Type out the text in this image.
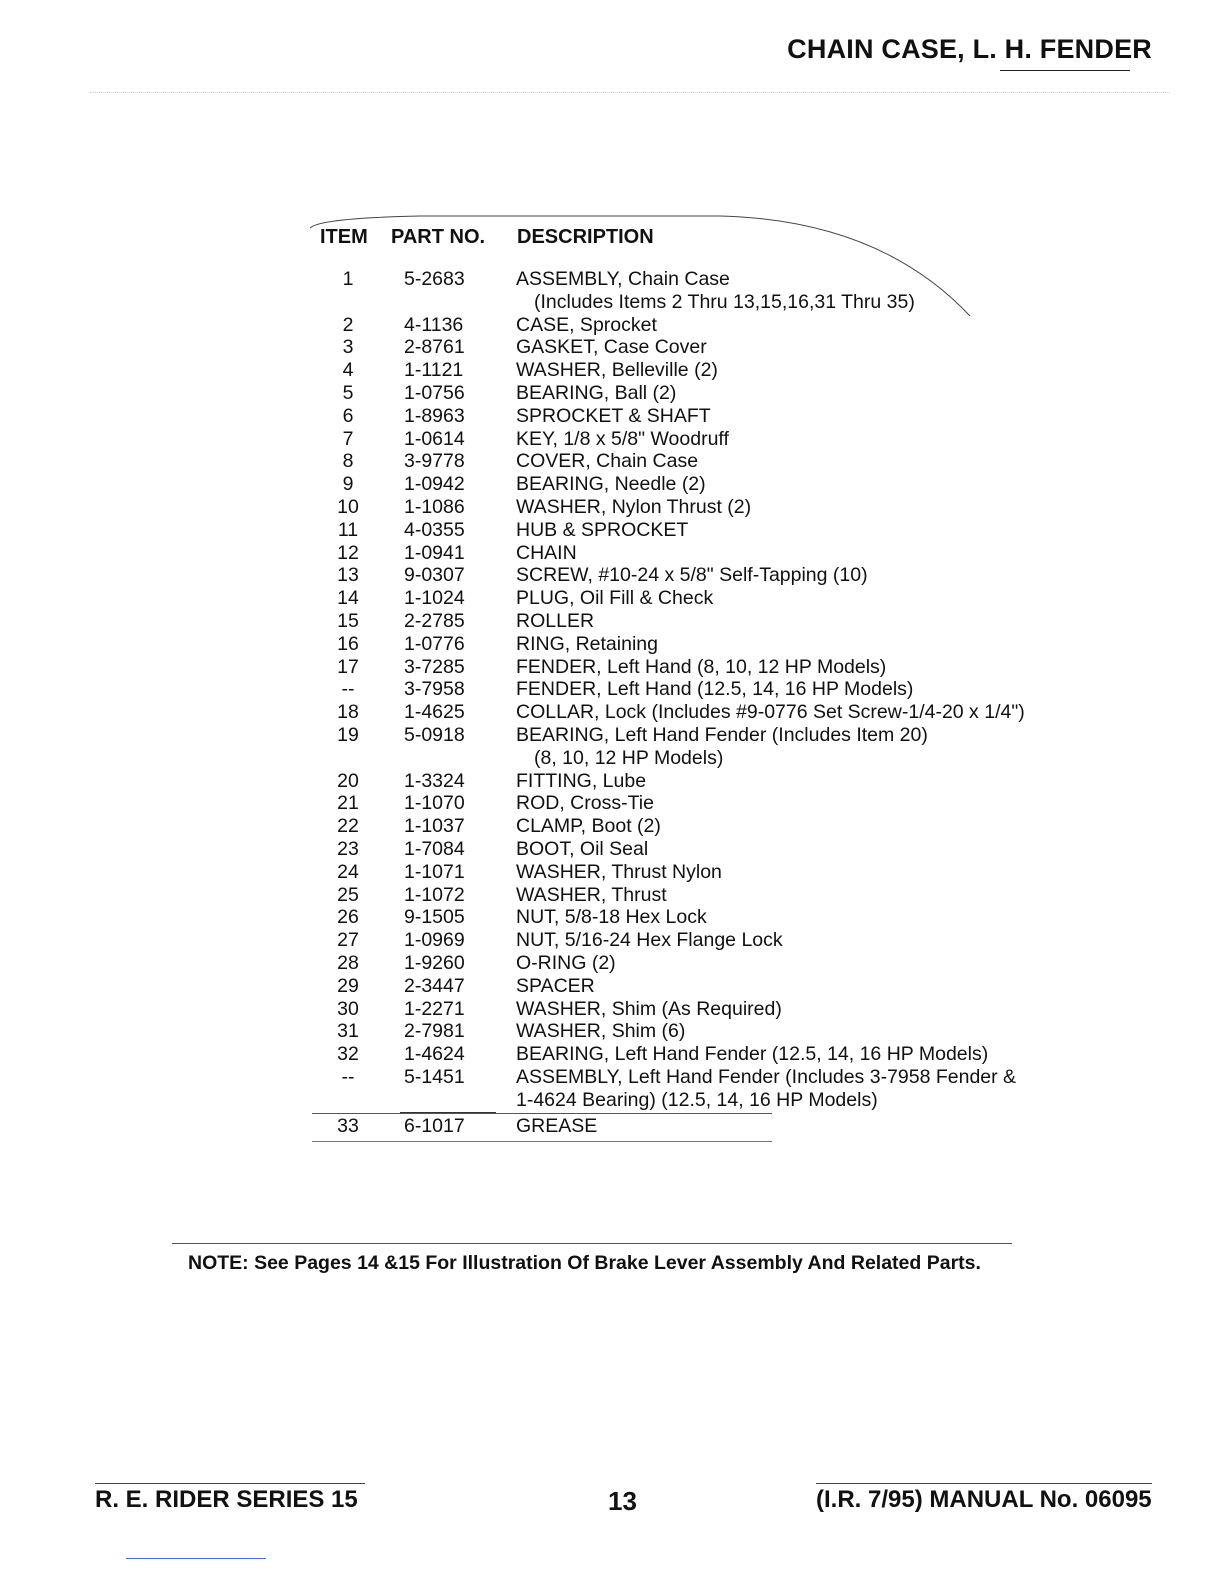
CHAIN CASE, L. H. FENDER
ITEM PART NO. DESCRIPTION
1	5-2683	ASSEMBLY, Chain Case
(Includes Items 2 Thru 13,15,16,31 Thru 35)
2	4-1136	CASE, Sprocket
3	2-8761	GASKET, Case Cover
4	1-1121	WASHER, Belleville (2)
5	1-0756	BEARING, Ball (2)
6	1-8963	SPROCKET & SHAFT
7	1-0614	KEY, 1/8 x 5/8" Woodruff
8	3-9778	COVER, Chain Case
9	1-0942	BEARING, Needle (2)
10	1-1086	WASHER, Nylon Thrust (2)
11	4-0355	HUB & SPROCKET
12	1-0941	CHAIN
13	9-0307	SCREW, #10-24 x 5/8" Self-Tapping (10)
14	1-1024	PLUG, Oil Fill & Check
15	2-2785	ROLLER
16	1-0776	RING, Retaining
17	3-7285	FENDER, Left Hand (8, 10, 12 HP Models)
--	3-7958	FENDER, Left Hand (12.5, 14, 16 HP Models)
18	1-4625	COLLAR, Lock (Includes #9-0776 Set Screw-1/4-20 x 1/4")
19	5-0918	BEARING, Left Hand Fender (Includes Item 20)
(8, 10, 12 HP Models)
20	1-3324	FITTING, Lube
21	1-1070	ROD, Cross-Tie
22	1-1037	CLAMP, Boot (2)
23	1-7084	BOOT, Oil Seal
24	1-1071	WASHER, Thrust Nylon
25	1-1072	WASHER, Thrust
26	9-1505	NUT, 5/8-18 Hex Lock
27	1-0969	NUT, 5/16-24 Hex Flange Lock
28	1-9260	O-RING (2)
29	2-3447	SPACER
30	1-2271	WASHER, Shim (As Required)
31	2-7981	WASHER, Shim (6)
32	1-4624	BEARING, Left Hand Fender (12.5, 14, 16 HP Models)
--	5-1451	ASSEMBLY, Left Hand Fender (Includes 3-7958 Fender &
1-4624 Bearing) (12.5, 14, 16 HP Models)
33	6-1017	GREASE
NOTE: See Pages 14 &15 For Illustration Of Brake Lever Assembly And Related Parts.
R. E. RIDER SERIES 15	13	(I.R. 7/95) MANUAL No. 06095
